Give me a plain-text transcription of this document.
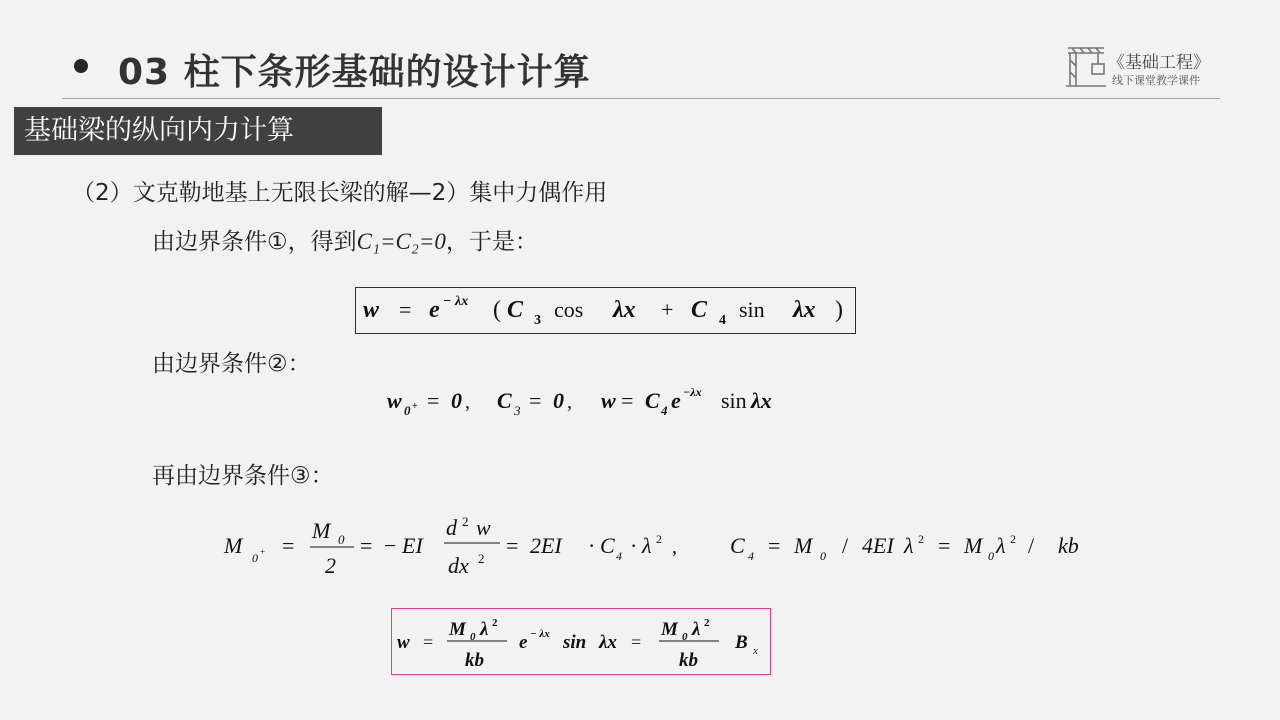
03 柱下条形基础的设计计算	《基础工程》
线下课堂教学课件
基础梁的纵向内力计算
（2）文克勒地基上无限长梁的解—2）集中力偶作用
由边界条件①，得到C₁=C₂=0，于是：
w = e − λx ( C 3 cos λx + C 4 sin λx )
由边界条件②：
w 0 + = 0 , C 3 = 0 , w = C 4 e −λx sin λx
再由边界条件③：
M 0 + =
M 0
2
= − EI
d 2 w
dx 2
= 2EI · C 4 · λ 2 , C 4 = M 0 / 4EI λ 2 = M 0 λ 2 / kb
w =
M 0 λ 2
kb
e − λx sin λx =
M 0 λ 2
kb
B x
